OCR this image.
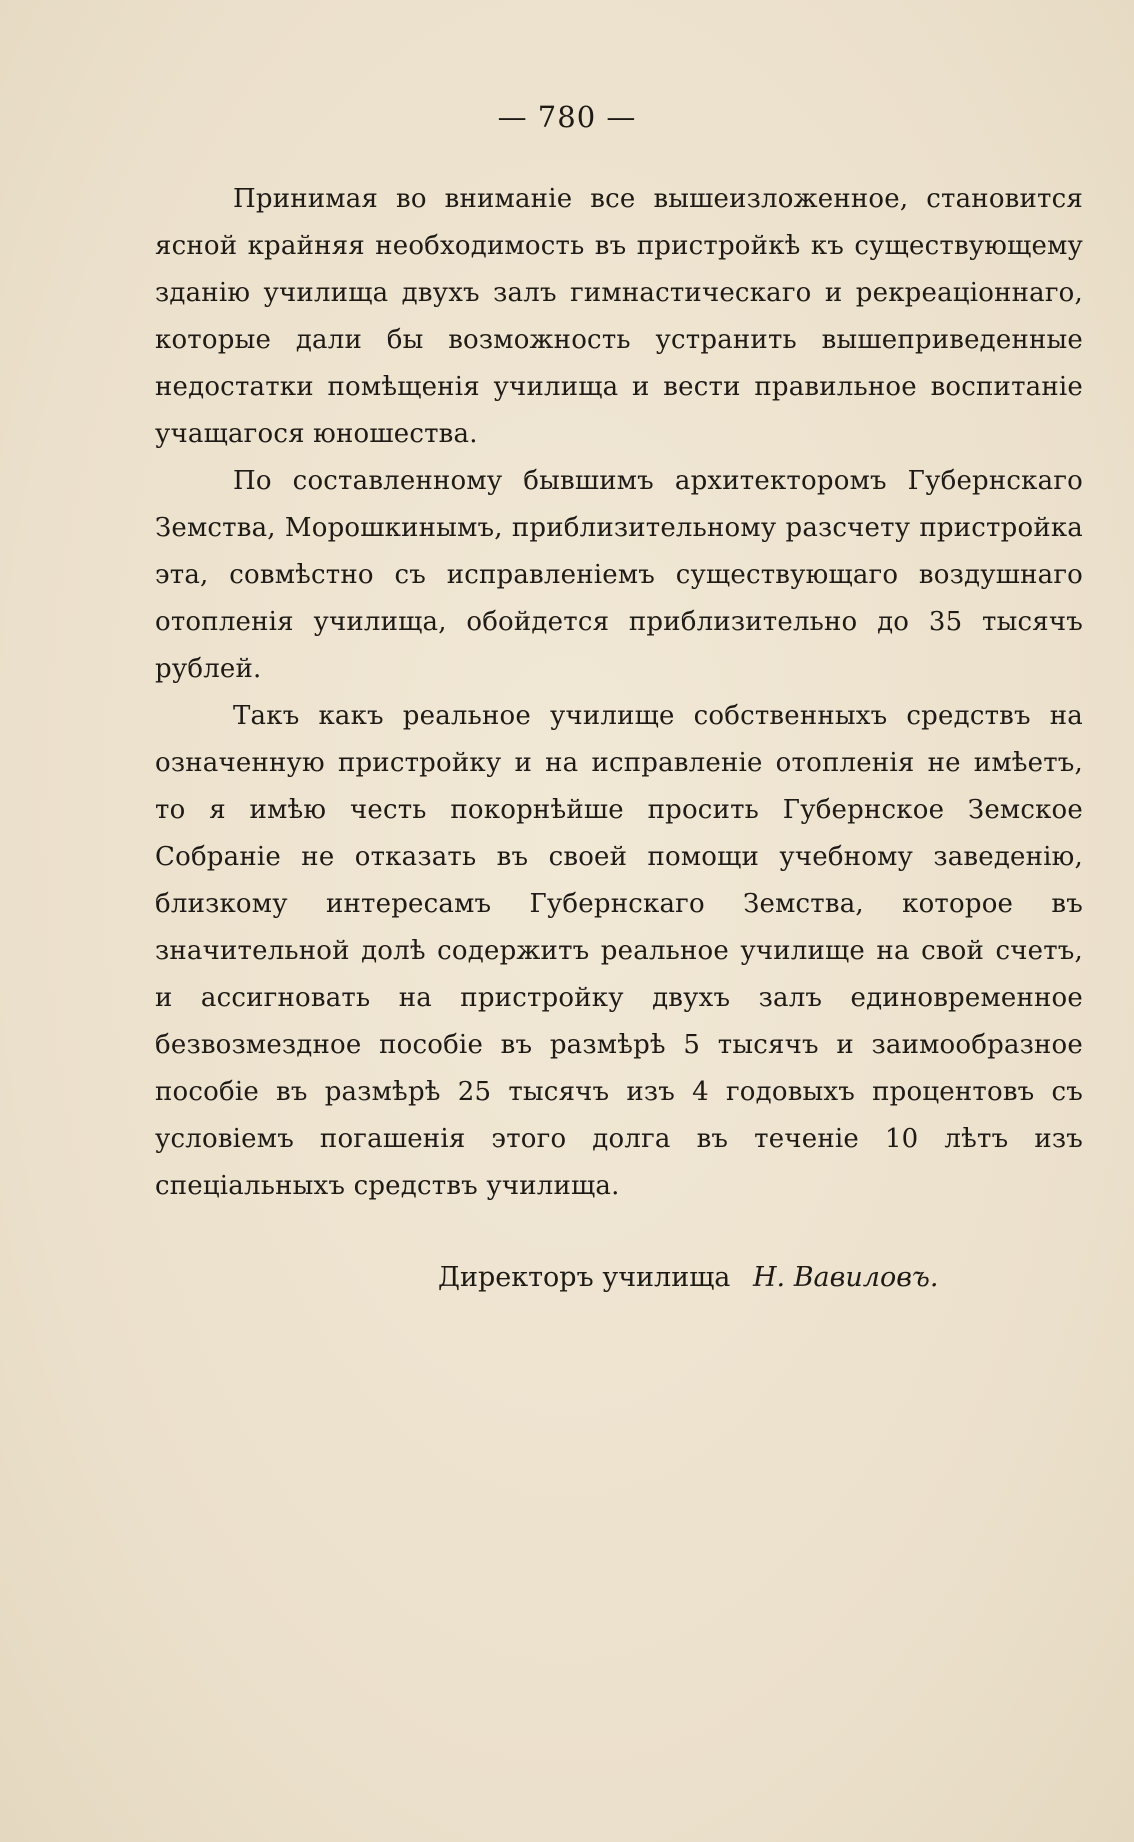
— 780 —

Принимая во вниманіе все вышеизложенное, становится ясной крайняя необходимость въ пристройкѣ къ существующему зданію училища двухъ залъ гимнастическаго и рекреаціоннаго, которые дали бы возможность устранить вышеприведенные недостатки помѣщенія училища и вести правильное воспитаніе учащагося юношества.

По составленному бывшимъ архитекторомъ Губернскаго Земства, Морошкинымъ, приблизительному разсчету пристройка эта, совмѣстно съ исправленіемъ существующаго воздушнаго отопленія училища, обойдется приблизительно до 35 тысячъ рублей.

Такъ какъ реальное училище собственныхъ средствъ на означенную пристройку и на исправленіе отопленія не имѣетъ, то я имѣю честь покорнѣйше просить Губернское Земское Собраніе не отказать въ своей помощи учебному заведенію, близкому интересамъ Губернскаго Земства, которое въ значительной долѣ содержитъ реальное училище на свой счетъ, и ассигновать на пристройку двухъ залъ единовременное безвозмездное пособіе въ размѣрѣ 5 тысячъ и заимообразное пособіе въ размѣрѣ 25 тысячъ изъ 4 годовыхъ процентовъ съ условіемъ погашенія этого долга въ теченіе 10 лѣтъ изъ спеціальныхъ средствъ училища.

Директоръ училища Н. Вавиловъ.
